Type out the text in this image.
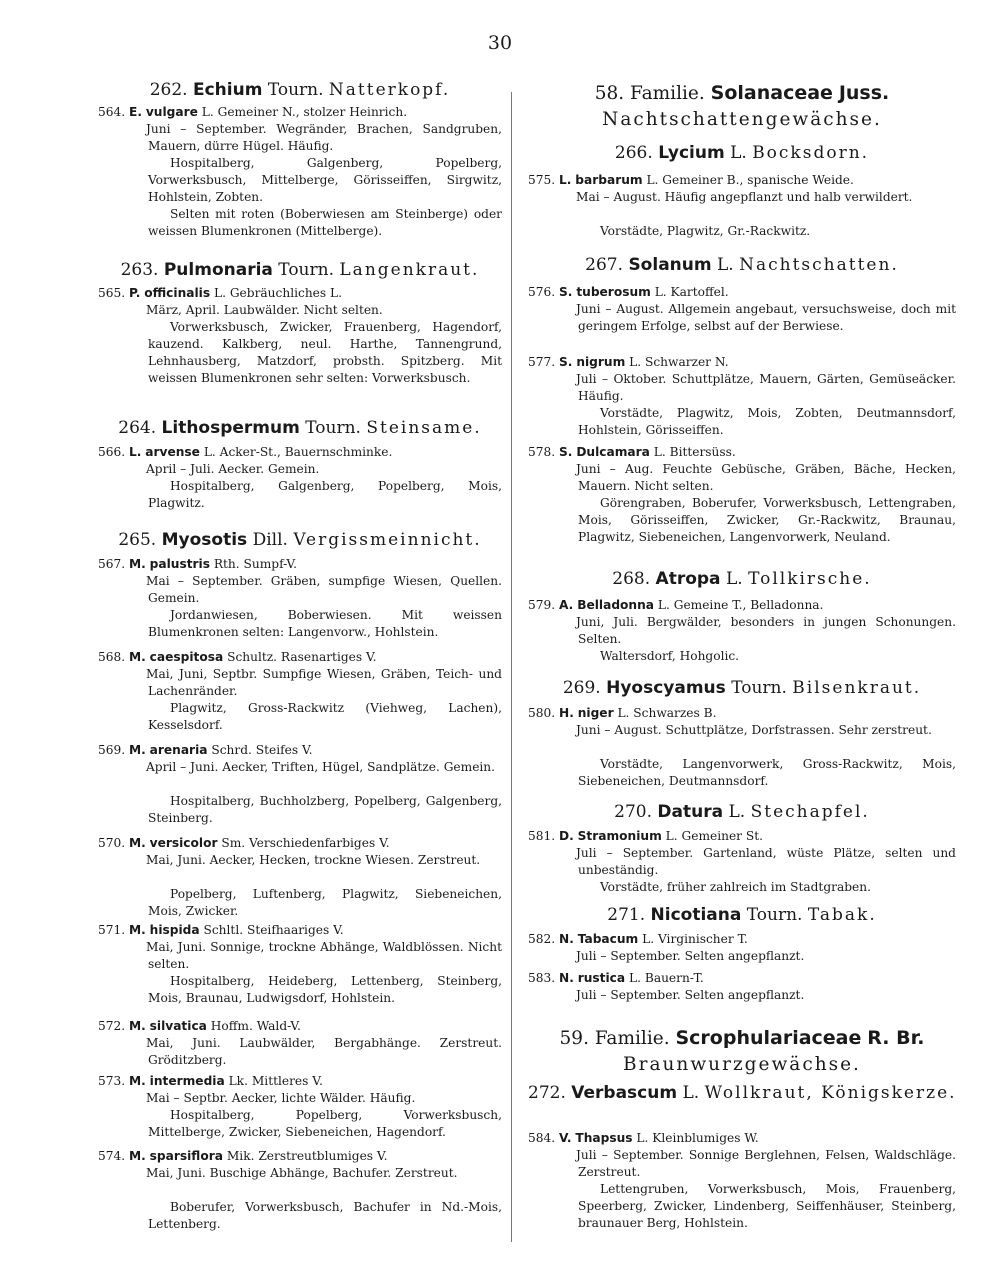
30
262. Echium Tourn. Natterkopf.

564. E. vulgare L. Gemeiner N., stolzer Heinrich.

Juni – September. Wegränder, Brachen, Sandgruben, Mauern, dürre Hügel. Häufig.

Hospitalberg, Galgenberg, Popelberg, Vorwerksbusch, Mittelberge, Görisseiffen, Sirgwitz, Hohlstein, Zobten.

Selten mit roten (Boberwiesen am Steinberge) oder weissen Blumenkronen (Mittelberge).

263. Pulmonaria Tourn. Langenkraut.

565. P. officinalis L. Gebräuchliches L.

März, April. Laubwälder. Nicht selten.

Vorwerksbusch, Zwicker, Frauenberg, Hagendorf, kauzend. Kalkberg, neul. Harthe, Tannengrund, Lehnhausberg, Matzdorf, probsth. Spitzberg. Mit weissen Blumenkronen sehr selten: Vorwerksbusch.

264. Lithospermum Tourn. Steinsame.

566. L. arvense L. Acker-St., Bauernschminke.

April – Juli. Aecker. Gemein.

Hospitalberg, Galgenberg, Popelberg, Mois, Plagwitz.

265. Myosotis Dill. Vergissmeinnicht.

567. M. palustris Rth. Sumpf-V.

Mai – September. Gräben, sumpfige Wiesen, Quellen. Gemein.

Jordanwiesen, Boberwiesen. Mit weissen Blumenkronen selten: Langenvorw., Hohlstein.

568. M. caespitosa Schultz. Rasenartiges V.

Mai, Juni, Septbr. Sumpfige Wiesen, Gräben, Teich- und Lachenränder.

Plagwitz, Gross-Rackwitz (Viehweg, Lachen), Kesselsdorf.

569. M. arenaria Schrd. Steifes V.

April – Juni. Aecker, Triften, Hügel, Sandplätze. Gemein.

Hospitalberg, Buchholzberg, Popelberg, Galgenberg, Steinberg.

570. M. versicolor Sm. Verschiedenfarbiges V.

Mai, Juni. Aecker, Hecken, trockne Wiesen. Zerstreut.

Popelberg, Luftenberg, Plagwitz, Siebeneichen, Mois, Zwicker.

571. M. hispida Schltl. Steifhaariges V.

Mai, Juni. Sonnige, trockne Abhänge, Waldblössen. Nicht selten.

Hospitalberg, Heideberg, Lettenberg, Steinberg, Mois, Braunau, Ludwigsdorf, Hohlstein.

572. M. silvatica Hoffm. Wald-V.

Mai, Juni. Laubwälder, Bergabhänge. Zerstreut. Gröditzberg.

573. M. intermedia Lk. Mittleres V.

Mai – Septbr. Aecker, lichte Wälder. Häufig.

Hospitalberg, Popelberg, Vorwerksbusch, Mittelberge, Zwicker, Siebeneichen, Hagendorf.

574. M. sparsiflora Mik. Zerstreutblumiges V.

Mai, Juni. Buschige Abhänge, Bachufer. Zerstreut.

Boberufer, Vorwerksbusch, Bachufer in Nd.-Mois, Lettenberg.

58. Familie. Solanaceae Juss.
Nachtschattengewächse.
266. Lycium L. Bocksdorn.

575. L. barbarum L. Gemeiner B., spanische Weide.

Mai – August. Häufig angepflanzt und halb verwildert.

Vorstädte, Plagwitz, Gr.-Rackwitz.

267. Solanum L. Nachtschatten.

576. S. tuberosum L. Kartoffel.

Juni – August. Allgemein angebaut, versuchsweise, doch mit geringem Erfolge, selbst auf der Berwiese.

577. S. nigrum L. Schwarzer N.

Juli – Oktober. Schuttplätze, Mauern, Gärten, Gemüseäcker. Häufig.

Vorstädte, Plagwitz, Mois, Zobten, Deutmannsdorf, Hohlstein, Görisseiffen.

578. S. Dulcamara L. Bittersüss.

Juni – Aug. Feuchte Gebüsche, Gräben, Bäche, Hecken, Mauern. Nicht selten.

Görengraben, Boberufer, Vorwerksbusch, Lettengraben, Mois, Görisseiffen, Zwicker, Gr.-Rackwitz, Braunau, Plagwitz, Siebeneichen, Langenvorwerk, Neuland.

268. Atropa L. Tollkirsche.

579. A. Belladonna L. Gemeine T., Belladonna.

Juni, Juli. Bergwälder, besonders in jungen Schonungen. Selten.

Waltersdorf, Hohgolic.

269. Hyoscyamus Tourn. Bilsenkraut.

580. H. niger L. Schwarzes B.

Juni – August. Schuttplätze, Dorfstrassen. Sehr zerstreut.

Vorstädte, Langenvorwerk, Gross-Rackwitz, Mois, Siebeneichen, Deutmannsdorf.

270. Datura L. Stechapfel.

581. D. Stramonium L. Gemeiner St.

Juli – September. Gartenland, wüste Plätze, selten und unbeständig.

Vorstädte, früher zahlreich im Stadtgraben.

271. Nicotiana Tourn. Tabak.

582. N. Tabacum L. Virginischer T.

Juli – September. Selten angepflanzt.

583. N. rustica L. Bauern-T.

Juli – September. Selten angepflanzt.

59. Familie. Scrophulariaceae R. Br.
Braunwurzgewächse.
272. Verbascum L. Wollkraut, Königskerze.

584. V. Thapsus L. Kleinblumiges W.

Juli – September. Sonnige Berglehnen, Felsen, Waldschläge. Zerstreut.

Lettengruben, Vorwerksbusch, Mois, Frauenberg, Speerberg, Zwicker, Lindenberg, Seiffenhäuser, Steinberg, braunauer Berg, Hohlstein.
